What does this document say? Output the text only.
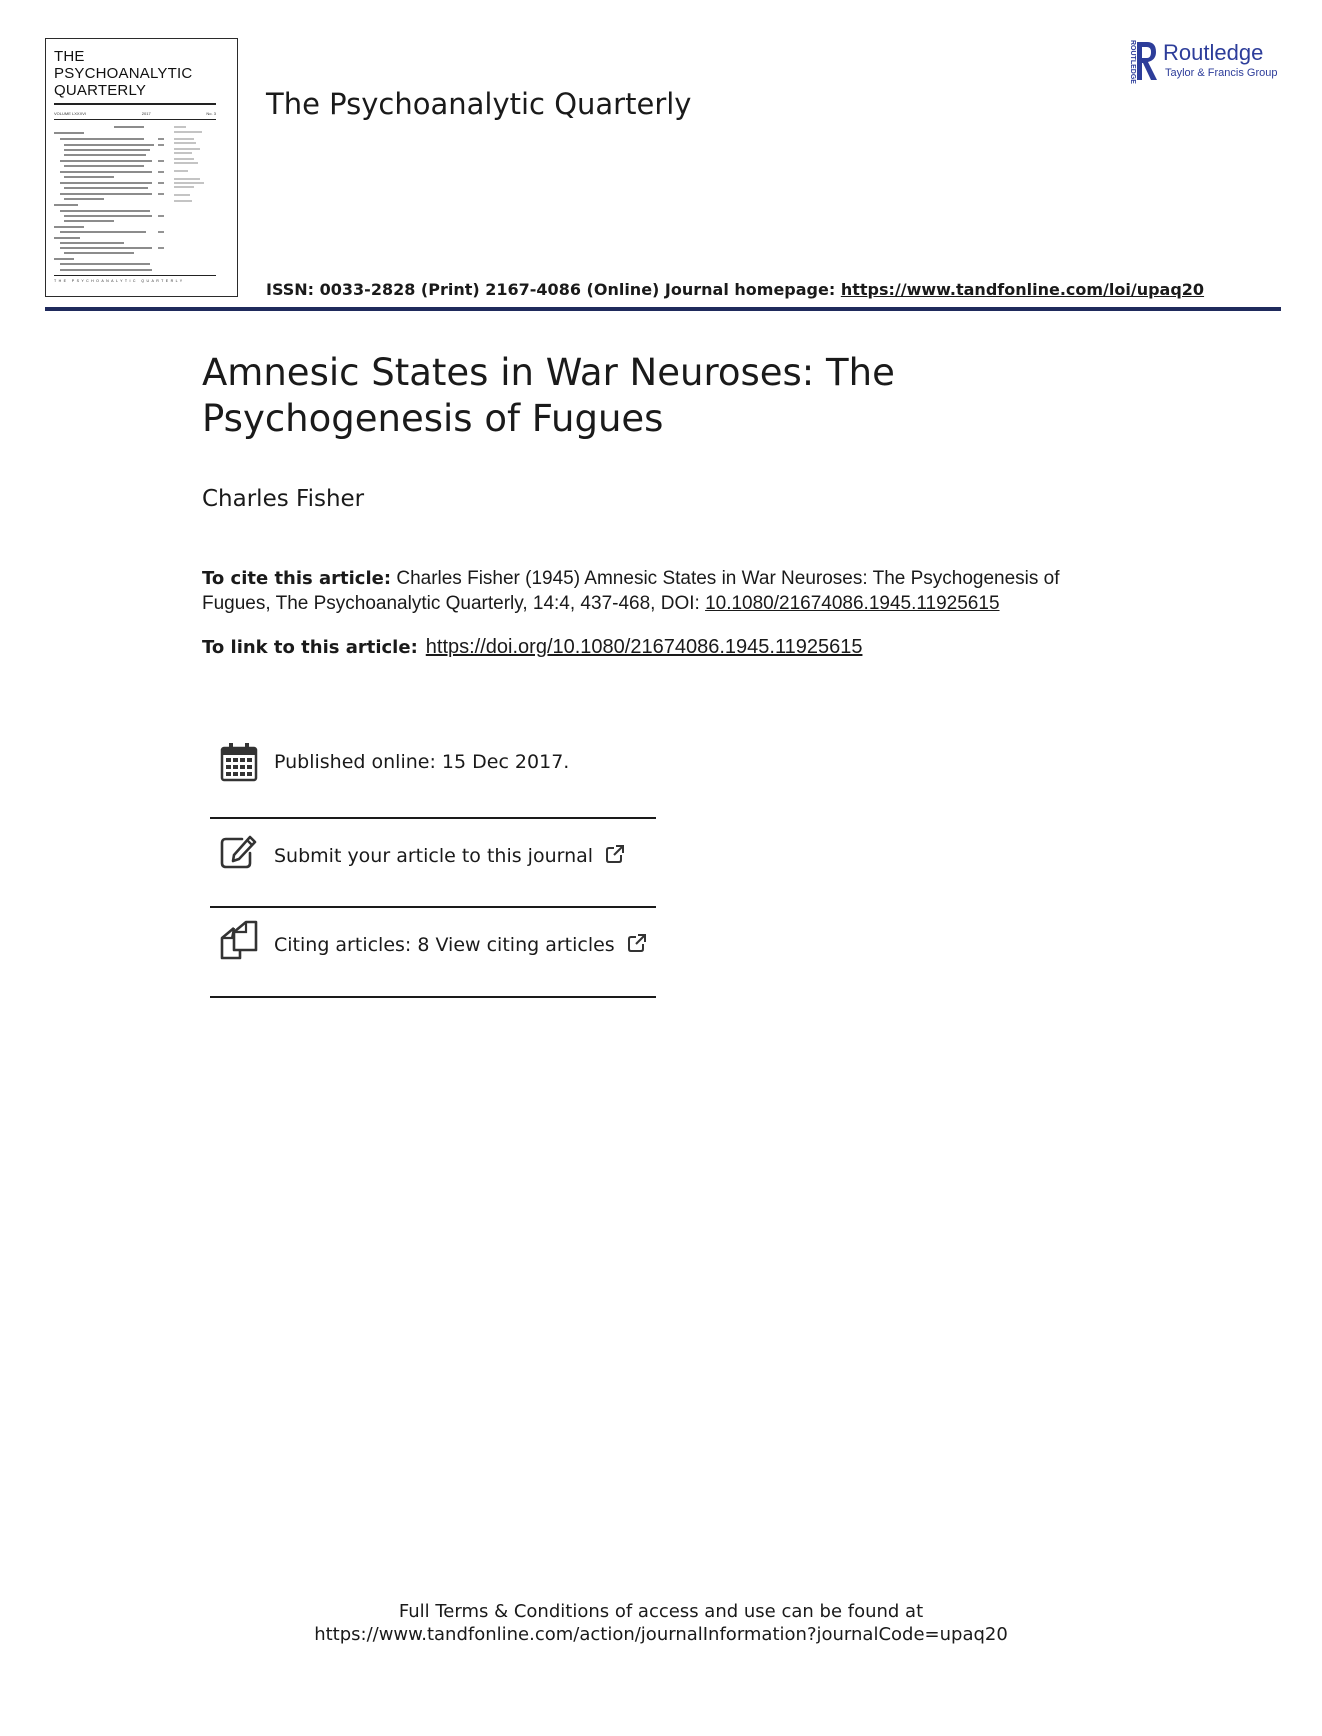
THE
PSYCHOANALYTIC
QUARTERLY
VOLUME LXXXVI	2017	No. 3
THE PSYCHOANALYTIC QUARTERLY
The Psychoanalytic Quarterly
ROUTLEDGE Routledge
Taylor & Francis Group
ISSN: 0033-2828 (Print) 2167-4086 (Online) Journal homepage: https://www.tandfonline.com/loi/upaq20
Amnesic States in War Neuroses: The
Psychogenesis of Fugues
Charles Fisher
To cite this article: Charles Fisher (1945) Amnesic States in War Neuroses: The Psychogenesis of
Fugues, The Psychoanalytic Quarterly, 14:4, 437-468, DOI: 10.1080/21674086.1945.11925615
To link to this article: https://doi.org/10.1080/21674086.1945.11925615
Published online: 15 Dec 2017.
Submit your article to this journal
Citing articles: 8 View citing articles
Full Terms & Conditions of access and use can be found at
https://www.tandfonline.com/action/journalInformation?journalCode=upaq20
